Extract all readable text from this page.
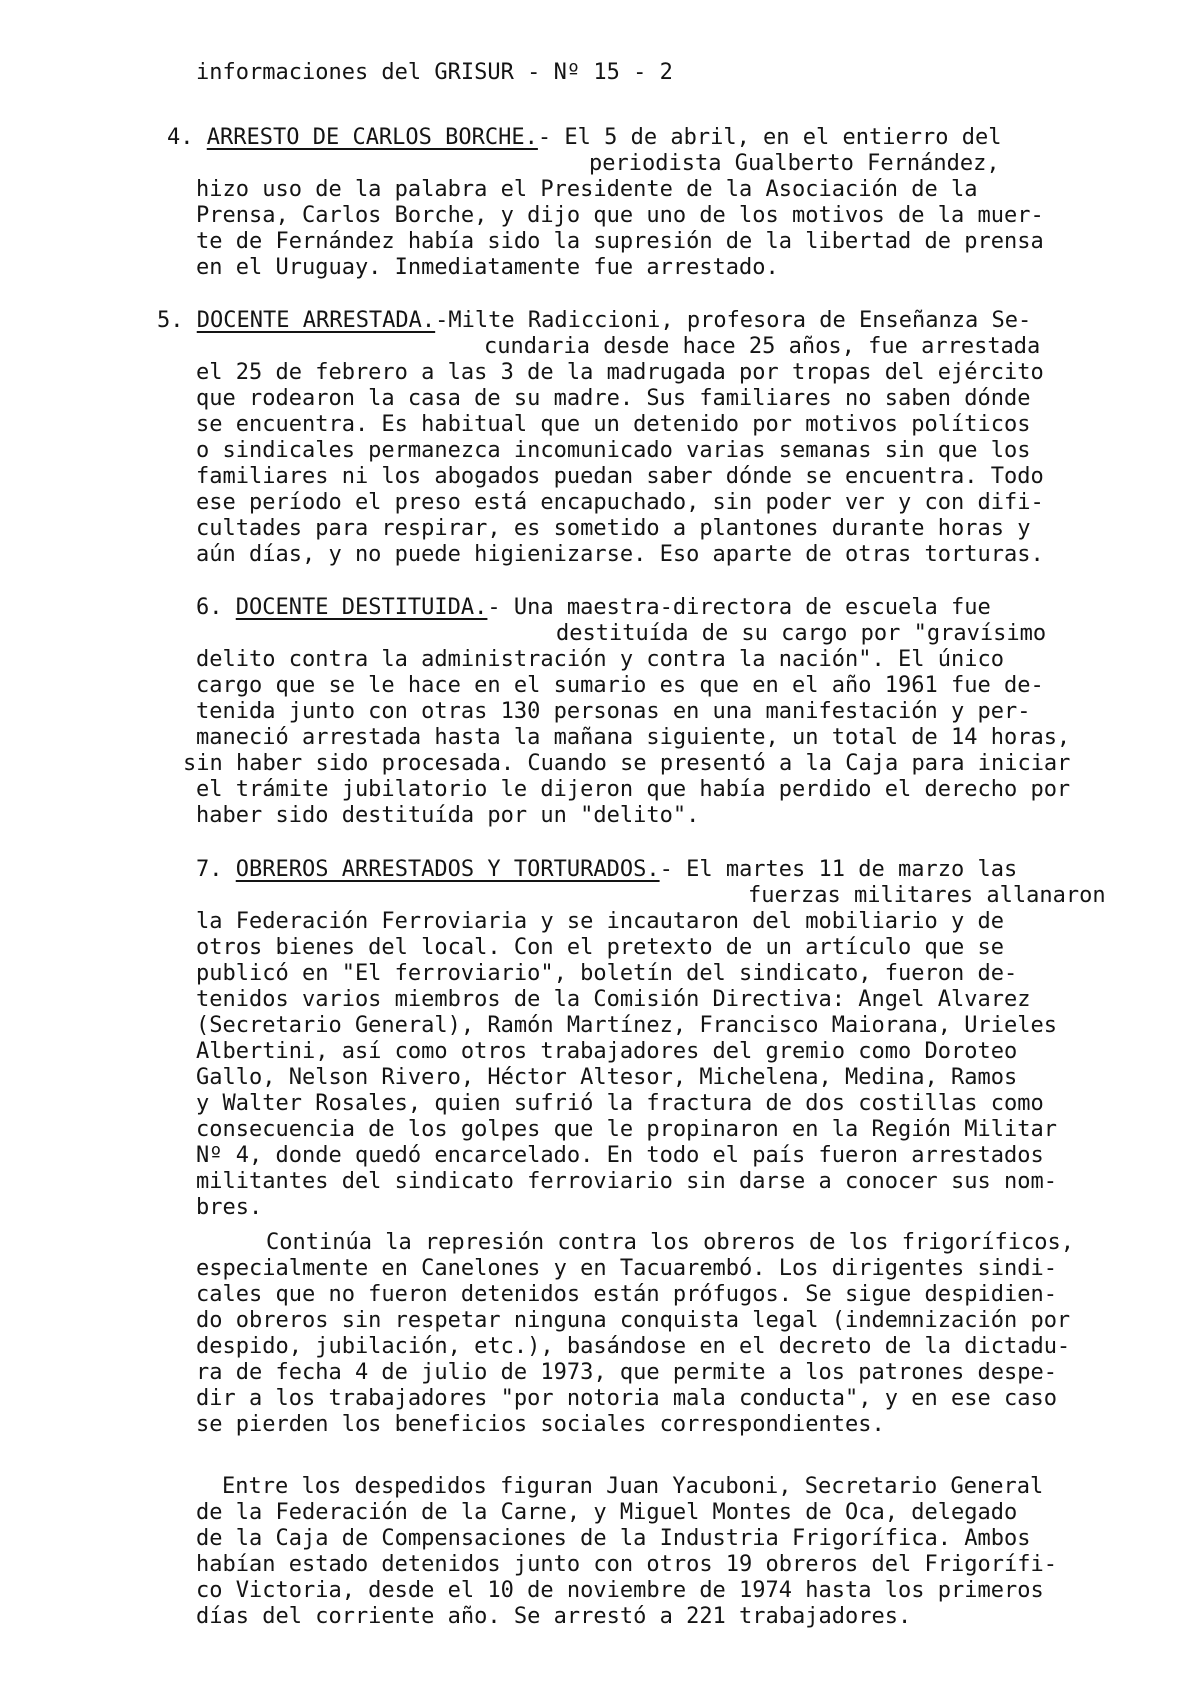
informaciones del GRISUR - Nº 15 - 2
4. ARRESTO DE CARLOS BORCHE.- El 5 de abril, en el entierro del
periodista Gualberto Fernández,
hizo uso de la palabra el Presidente de la Asociación de la
Prensa, Carlos Borche, y dijo que uno de los motivos de la muer-
te de Fernández había sido la supresión de la libertad de prensa
en el Uruguay. Inmediatamente fue arrestado.
5. DOCENTE ARRESTADA.-Milte Radiccioni, profesora de Enseñanza Se-
cundaria desde hace 25 años, fue arrestada
el 25 de febrero a las 3 de la madrugada por tropas del ejército
que rodearon la casa de su madre. Sus familiares no saben dónde
se encuentra. Es habitual que un detenido por motivos políticos
o sindicales permanezca incomunicado varias semanas sin que los
familiares ni los abogados puedan saber dónde se encuentra. Todo
ese período el preso está encapuchado, sin poder ver y con difi-
cultades para respirar, es sometido a plantones durante horas y
aún días, y no puede higienizarse. Eso aparte de otras torturas.
6. DOCENTE DESTITUIDA.- Una maestra-directora de escuela fue
destituída de su cargo por "gravísimo
delito contra la administración y contra la nación". El único
cargo que se le hace en el sumario es que en el año 1961 fue de-
tenida junto con otras 130 personas en una manifestación y per-
maneció arrestada hasta la mañana siguiente, un total de 14 horas,
sin haber sido procesada. Cuando se presentó a la Caja para iniciar
el trámite jubilatorio le dijeron que había perdido el derecho por
haber sido destituída por un "delito".
7. OBREROS ARRESTADOS Y TORTURADOS.- El martes 11 de marzo las
fuerzas militares allanaron
la Federación Ferroviaria y se incautaron del mobiliario y de
otros bienes del local. Con el pretexto de un artículo que se
publicó en "El ferroviario", boletín del sindicato, fueron de-
tenidos varios miembros de la Comisión Directiva: Angel Alvarez
(Secretario General), Ramón Martínez, Francisco Maiorana, Urieles
Albertini, así como otros trabajadores del gremio como Doroteo
Gallo, Nelson Rivero, Héctor Altesor, Michelena, Medina, Ramos
y Walter Rosales, quien sufrió la fractura de dos costillas como
consecuencia de los golpes que le propinaron en la Región Militar
Nº 4, donde quedó encarcelado. En todo el país fueron arrestados
militantes del sindicato ferroviario sin darse a conocer sus nom-
bres.
Continúa la represión contra los obreros de los frigoríficos,
especialmente en Canelones y en Tacuarembó. Los dirigentes sindi-
cales que no fueron detenidos están prófugos. Se sigue despidien-
do obreros sin respetar ninguna conquista legal (indemnización por
despido, jubilación, etc.), basándose en el decreto de la dictadu-
ra de fecha 4 de julio de 1973, que permite a los patrones despe-
dir a los trabajadores "por notoria mala conducta", y en ese caso
se pierden los beneficios sociales correspondientes.
Entre los despedidos figuran Juan Yacuboni, Secretario General
de la Federación de la Carne, y Miguel Montes de Oca, delegado
de la Caja de Compensaciones de la Industria Frigorífica. Ambos
habían estado detenidos junto con otros 19 obreros del Frigorífi-
co Victoria, desde el 10 de noviembre de 1974 hasta los primeros
días del corriente año. Se arrestó a 221 trabajadores.
